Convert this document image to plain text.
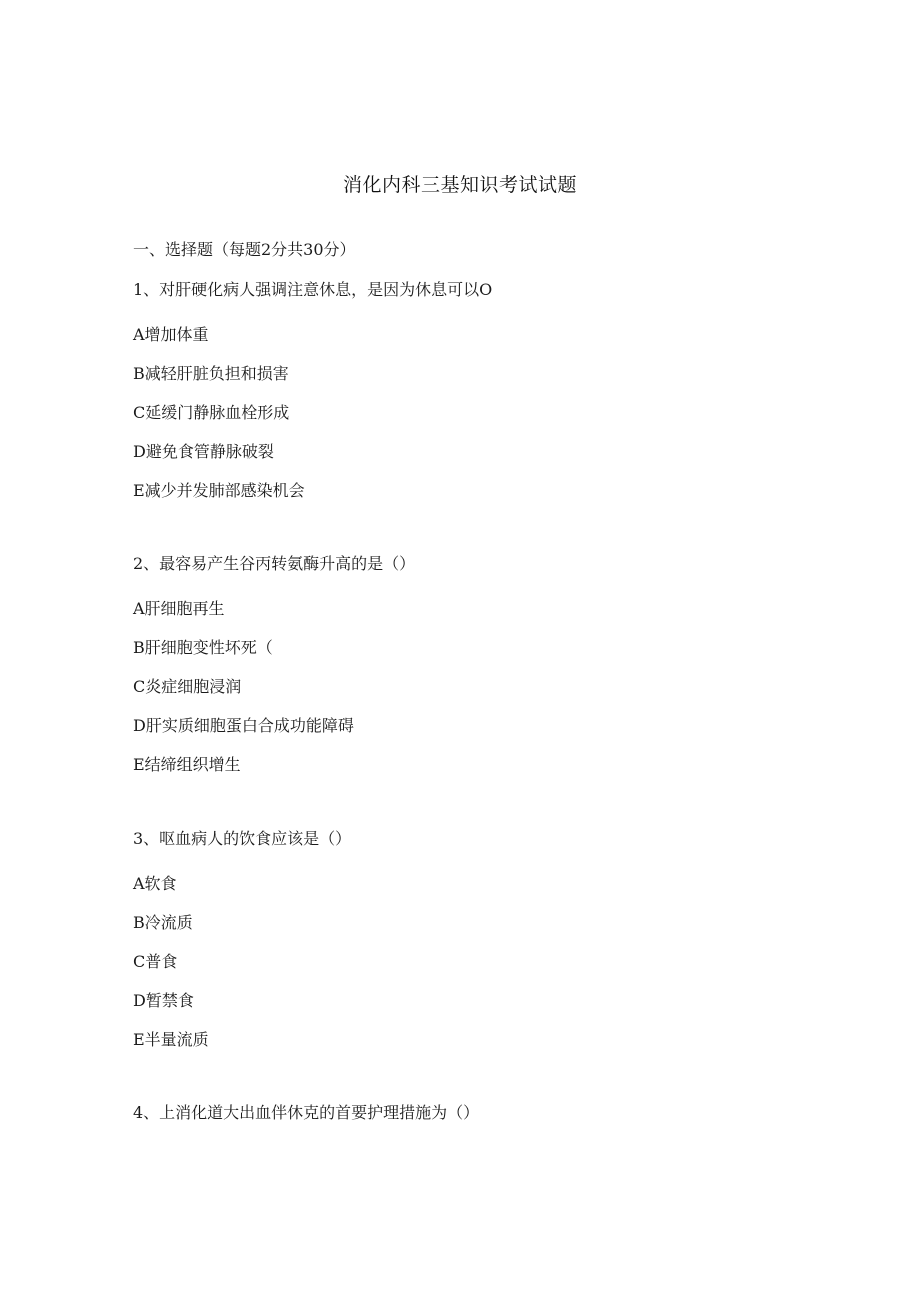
消化内科三基知识考试试题
一、选择题（每题2分共30分）
1、对肝硬化病人强调注意休息，是因为休息可以O
A增加体重
B减轻肝脏负担和损害
C延缓门静脉血栓形成
D避免食管静脉破裂
E减少并发肺部感染机会
2、最容易产生谷丙转氨酶升高的是（）
A肝细胞再生
B肝细胞变性坏死（
C炎症细胞浸润
D肝实质细胞蛋白合成功能障碍
E结缔组织增生
3、呕血病人的饮食应该是（）
A软食
B冷流质
C普食
D暂禁食
E半量流质
4、上消化道大出血伴休克的首要护理措施为（）
